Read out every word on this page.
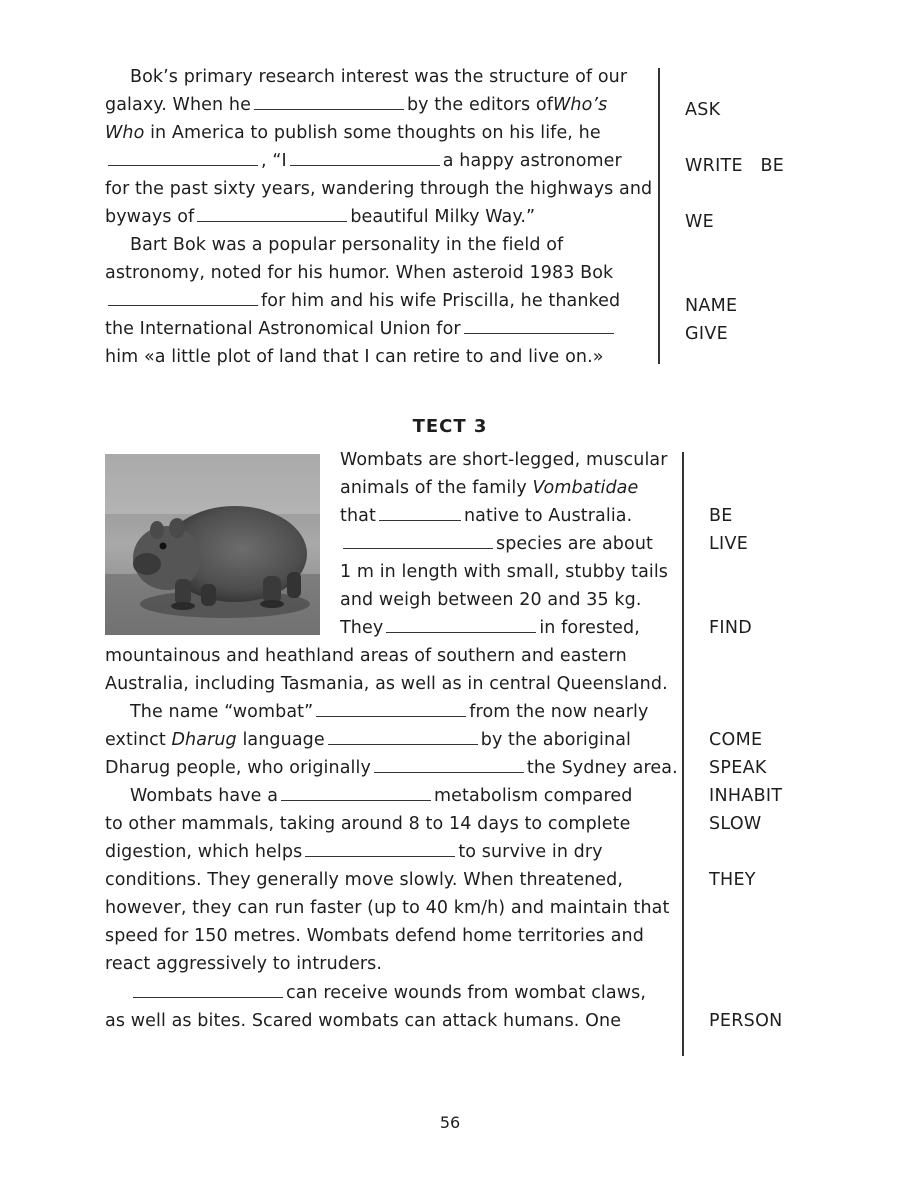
Bok’s primary research interest was the structure of our
galaxy. When he	by the editors ofWho’s
Who in America to publish some thoughts on his life, he
, “I	a happy astronomer
for the past sixty years, wandering through the highways and
byways of	beautiful Milky Way.”
Bart Bok was a popular personality in the field of
astronomy, noted for his humor. When asteroid 1983 Bok
for him and his wife Priscilla, he thanked
the International Astronomical Union for
him «a little plot of land that I can retire to and live on.»
ASK
WRITE   BE
WE
NAME
GIVE
TECT 3
Wombats are short-legged, muscular
animals of the family Vombatidae
that	native to Australia.
species are about
1 m in length with small, stubby tails
and weigh between 20 and 35 kg.
They	in forested,
mountainous and heathland areas of southern and eastern
Australia, including Tasmania, as well as in central Queensland.
The name “wombat”	from the now nearly
extinct Dharug language	by the aboriginal
Dharug people, who originally	the Sydney area.
Wombats have a	metabolism compared
to other mammals, taking around 8 to 14 days to complete
digestion, which helps	to survive in dry
conditions. They generally move slowly. When threatened,
however, they can run faster (up to 40 km/h) and maintain that
speed for 150 metres. Wombats defend home territories and
react aggressively to intruders.
can receive wounds from wombat claws,
as well as bites. Scared wombats can attack humans. One
BE
LIVE
FIND
COME
SPEAK
INHABIT
SLOW
THEY
PERSON
56
